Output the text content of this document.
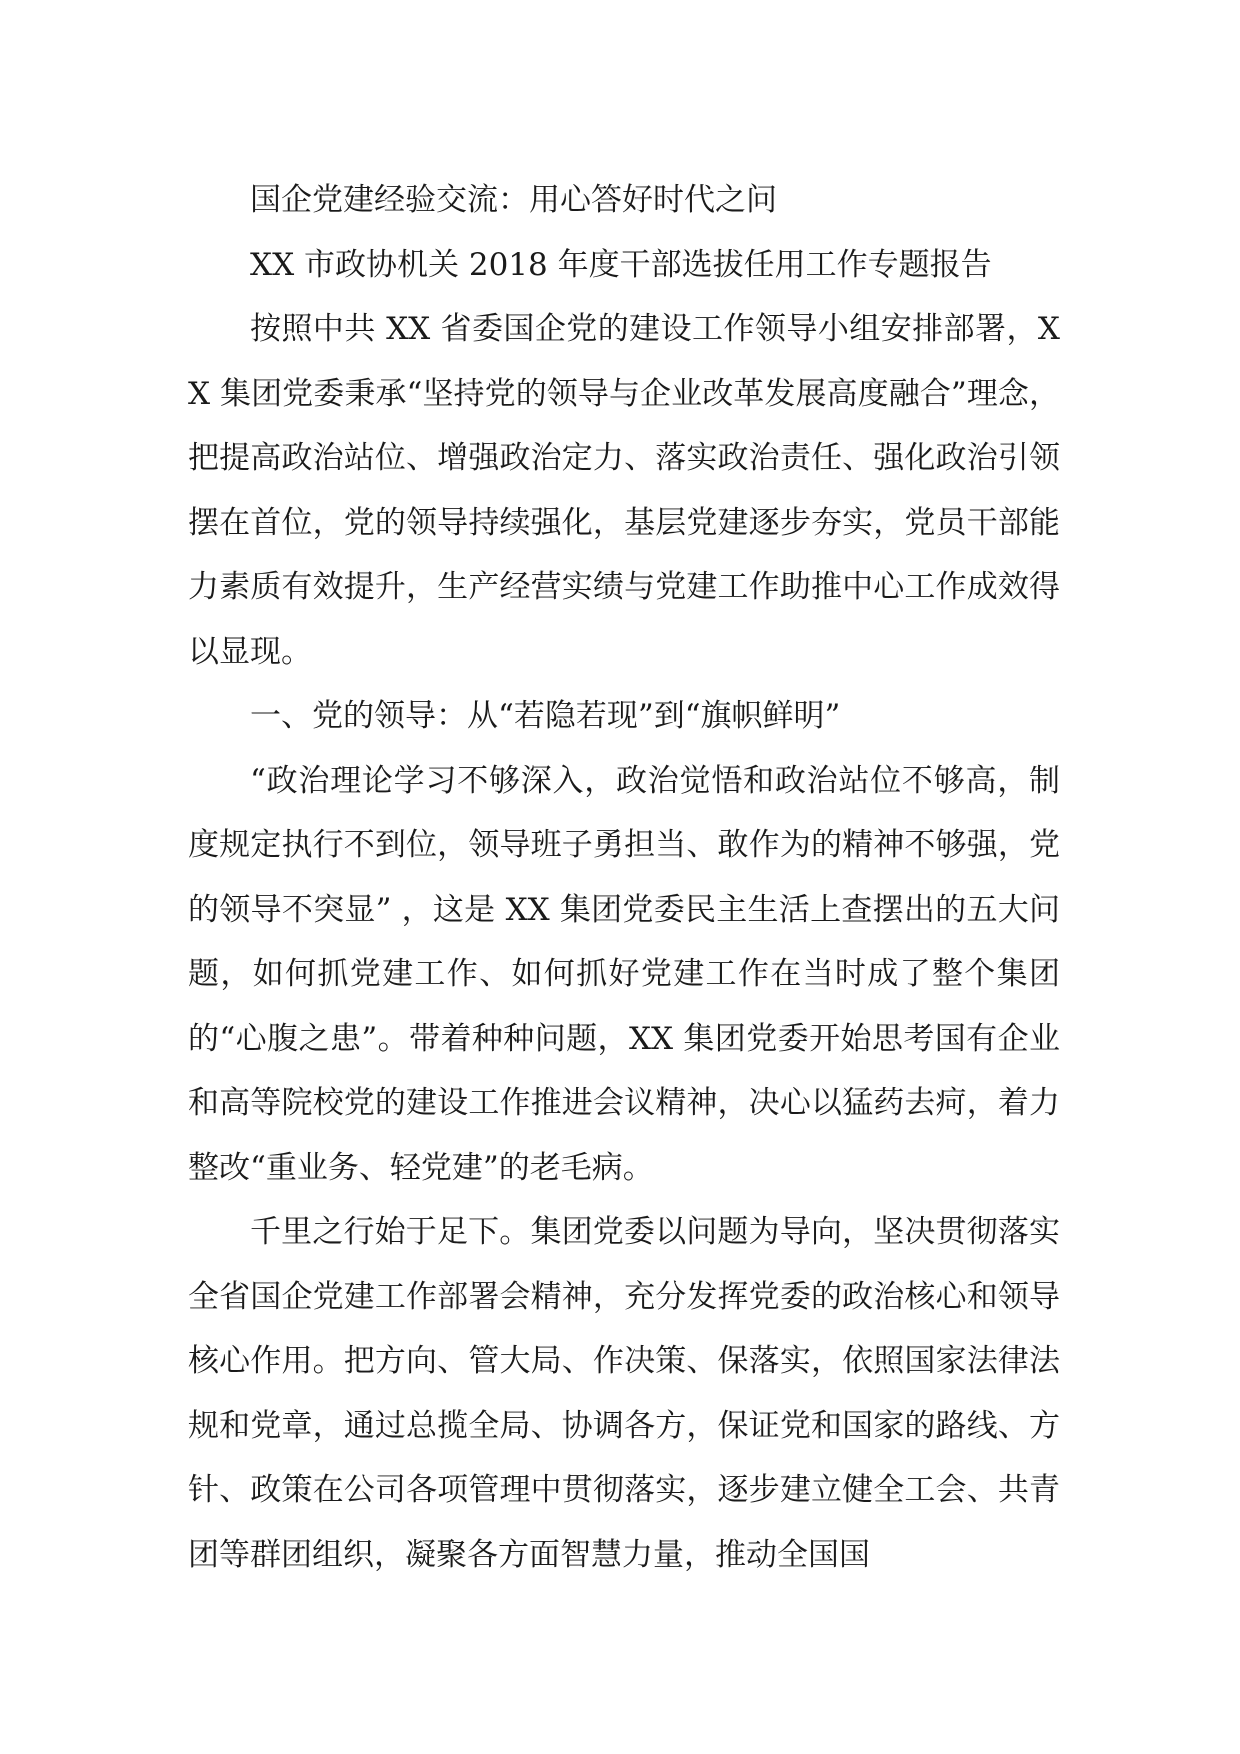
国企党建经验交流：用心答好时代之问

XX 市政协机关 2018 年度干部选拔任用工作专题报告

按照中共 XX 省委国企党的建设工作领导小组安排部署，XX 集团党委秉承“坚持党的领导与企业改革发展高度融合”理念，把提高政治站位、增强政治定力、落实政治责任、强化政治引领摆在首位，党的领导持续强化，基层党建逐步夯实，党员干部能力素质有效提升，生产经营实绩与党建工作助推中心工作成效得以显现。

一、党的领导：从“若隐若现”到“旗帜鲜明”

“政治理论学习不够深入，政治觉悟和政治站位不够高，制度规定执行不到位，领导班子勇担当、敢作为的精神不够强，党的领导不突显” ，这是 XX 集团党委民主生活上查摆出的五大问题，如何抓党建工作、如何抓好党建工作在当时成了整个集团的“心腹之患”。带着种种问题，XX 集团党委开始思考国有企业和高等院校党的建设工作推进会议精神，决心以猛药去疴，着力整改“重业务、轻党建”的老毛病。

千里之行始于足下。集团党委以问题为导向，坚决贯彻落实全省国企党建工作部署会精神，充分发挥党委的政治核心和领导核心作用。把方向、管大局、作决策、保落实，依照国家法律法规和党章，通过总揽全局、协调各方，保证党和国家的路线、方针、政策在公司各项管理中贯彻落实，逐步建立健全工会、共青团等群团组织，凝聚各方面智慧力量，推动全国国
